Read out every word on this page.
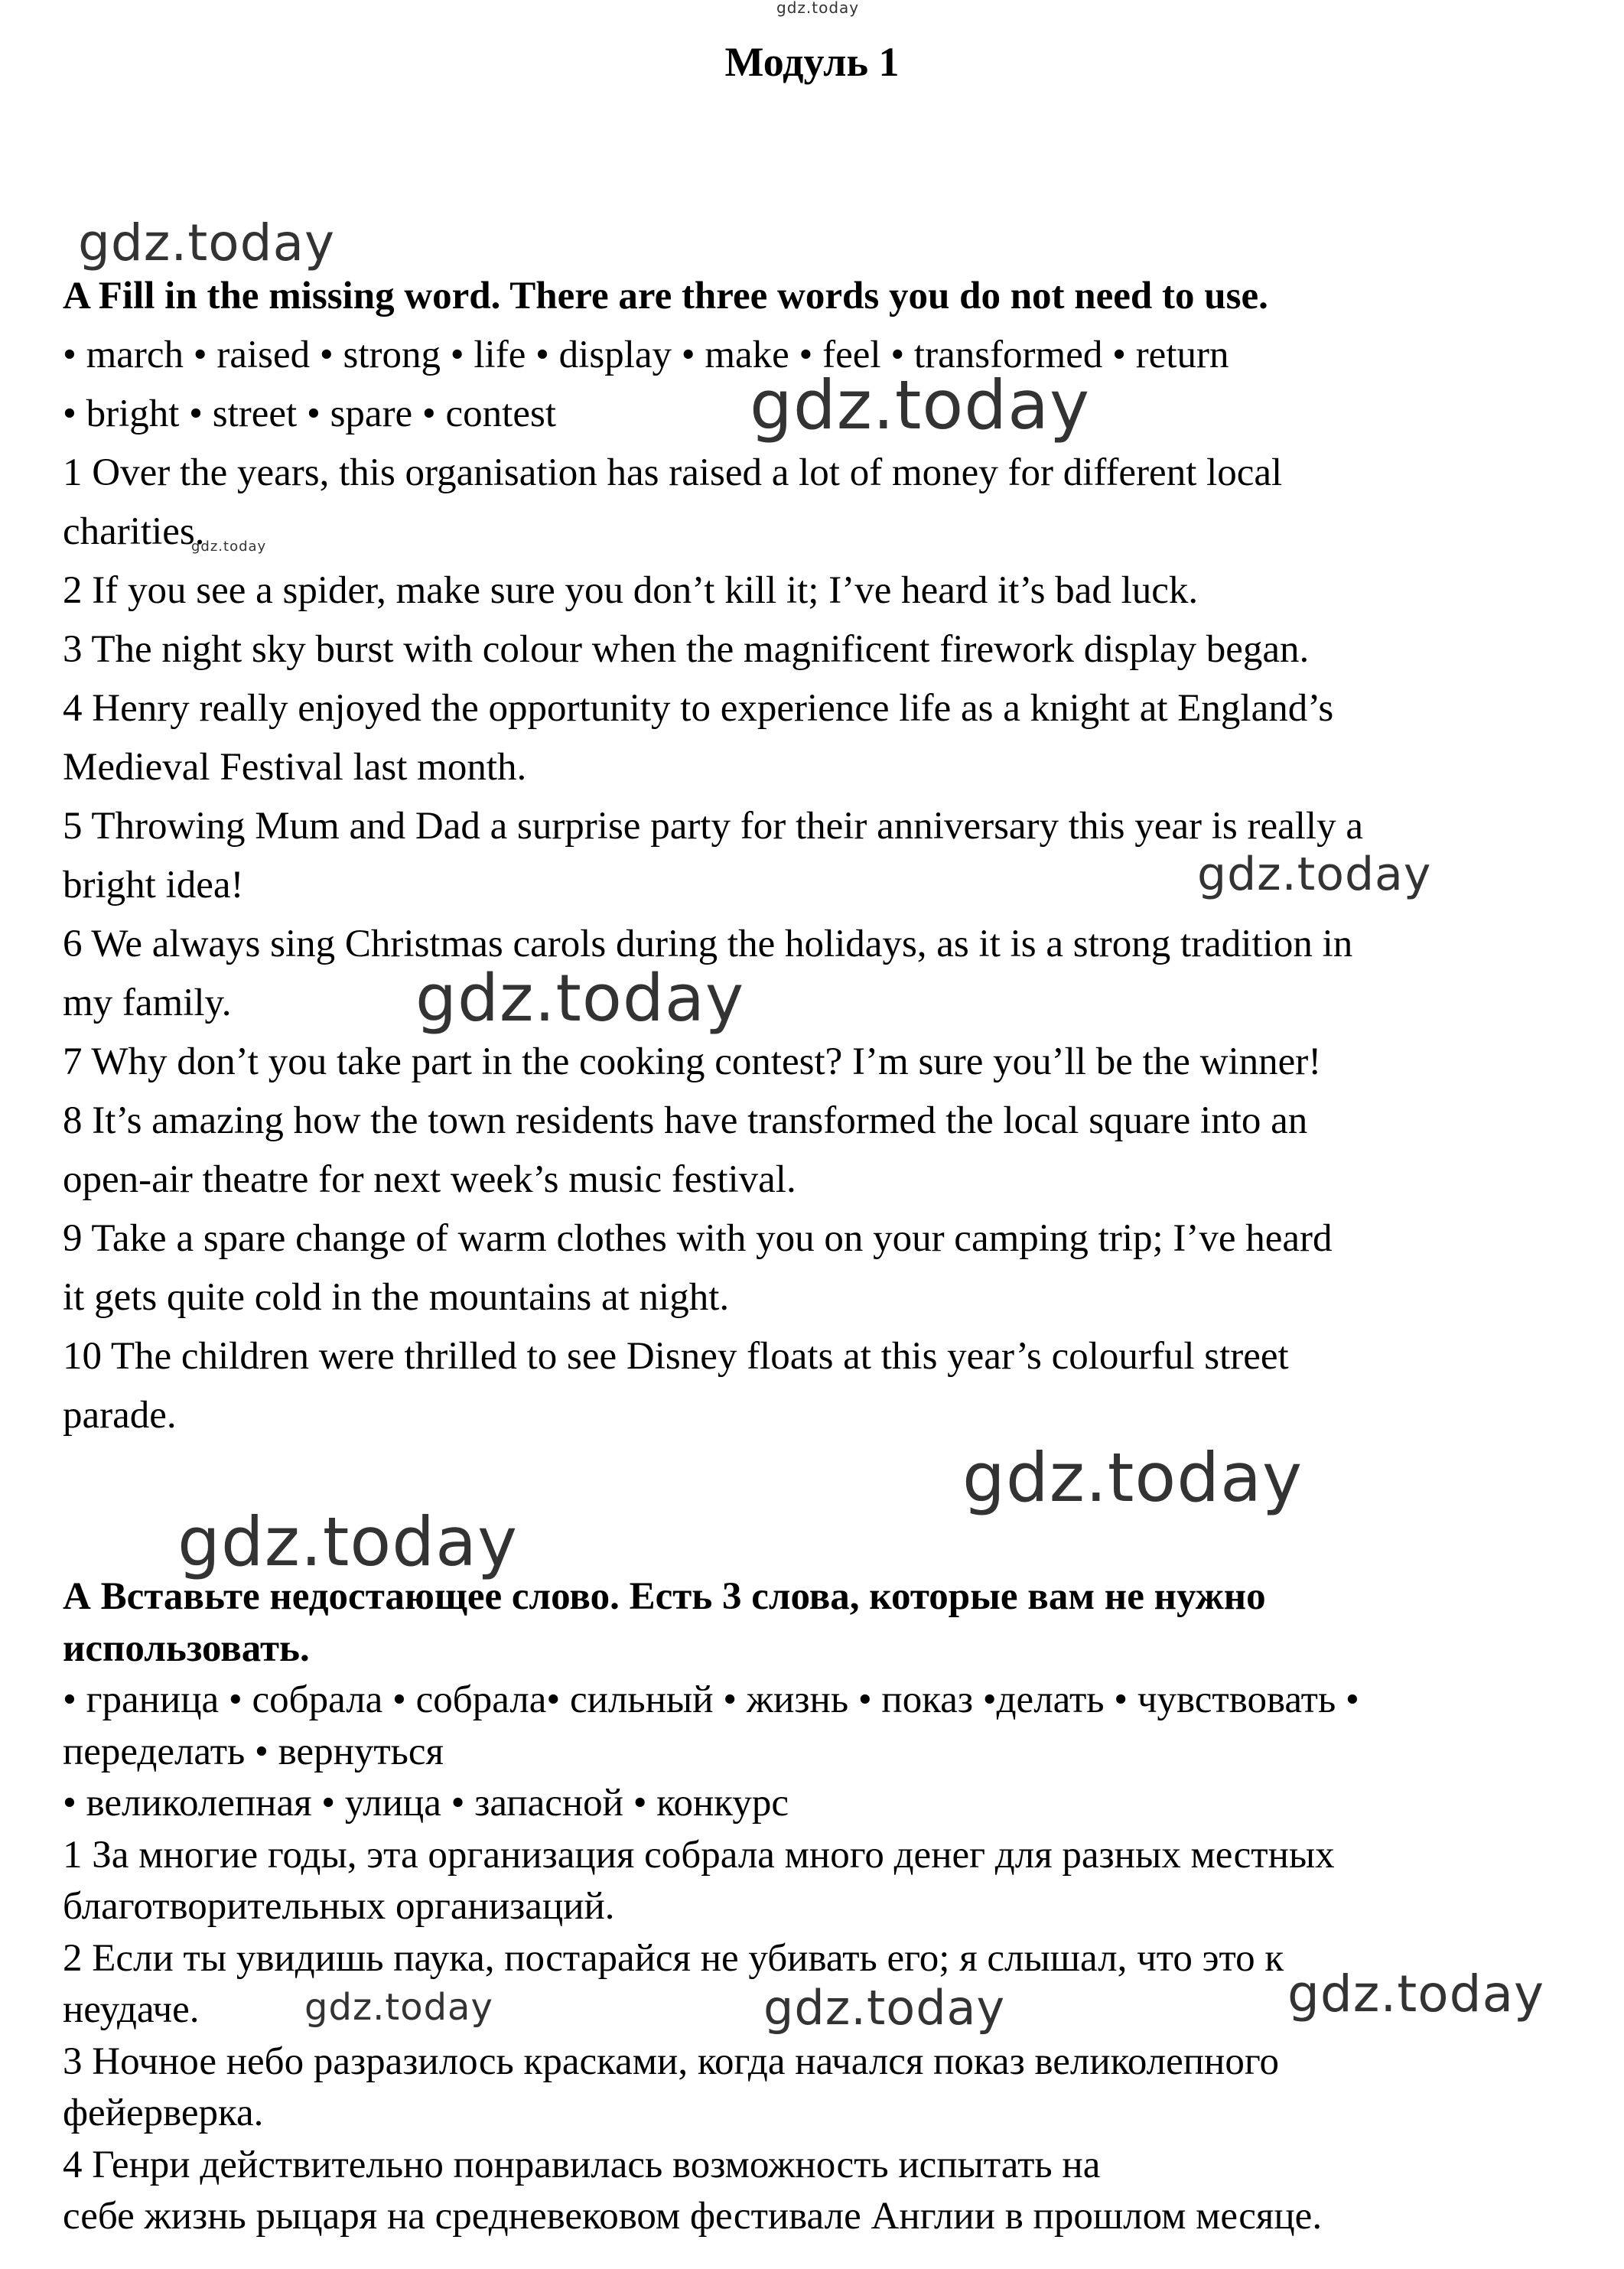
gdz.today
gdz.today
gdz.today
gdz.today
gdz.today
gdz.today
gdz.today
gdz.today
gdz.today	gdz.today	gdz.today
Модуль 1
A Fill in the missing word. There are three words you do not need to use.
• march • raised • strong • life • display • make • feel • transformed • return
• bright • street • spare • contest
1 Over the years, this organisation has raised a lot of money for different local
charities.
2 If you see a spider, make sure you don’t kill it; I’ve heard it’s bad luck.
3 The night sky burst with colour when the magnificent firework display began.
4 Henry really enjoyed the opportunity to experience life as a knight at England’s
Medieval Festival last month.
5 Throwing Mum and Dad a surprise party for their anniversary this year is really a
bright idea!
6 We always sing Christmas carols during the holidays, as it is a strong tradition in
my family.
7 Why don’t you take part in the cooking contest? I’m sure you’ll be the winner!
8 It’s amazing how the town residents have transformed the local square into an
open-air theatre for next week’s music festival.
9 Take a spare change of warm clothes with you on your camping trip; I’ve heard
it gets quite cold in the mountains at night.
10 The children were thrilled to see Disney floats at this year’s colourful street
parade.
А Вставьте недостающее слово. Есть 3 слова, которые вам не нужно
использовать.
• граница • собрала • собрала• сильный • жизнь • показ •делать • чувствовать •
переделать • вернуться
• великолепная • улица • запасной • конкурс
1 За многие годы, эта организация собрала много денег для разных местных
благотворительных организаций.
2 Если ты увидишь паука, постарайся не убивать его; я слышал, что это к
неудаче.
3 Ночное небо разразилось красками, когда начался показ великолепного
фейерверка.
4 Генри действительно понравилась возможность испытать на
себе жизнь рыцаря на средневековом фестивале Англии в прошлом месяце.
